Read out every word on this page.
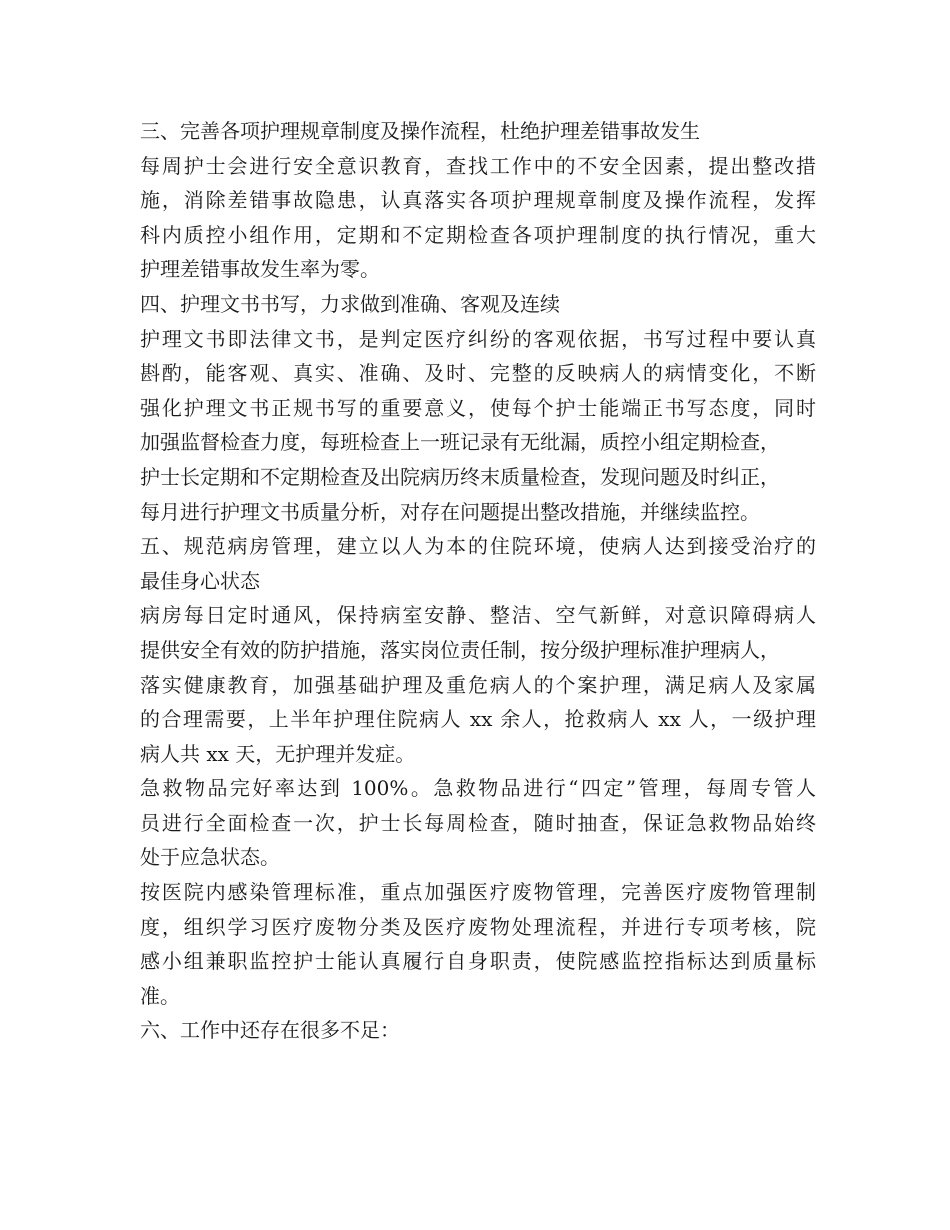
三、完善各项护理规章制度及操作流程，杜绝护理差错事故发生
每周护士会进行安全意识教育，查找工作中的不安全因素，提出整改措
施，消除差错事故隐患，认真落实各项护理规章制度及操作流程，发挥
科内质控小组作用，定期和不定期检查各项护理制度的执行情况，重大
护理差错事故发生率为零。
四、护理文书书写，力求做到准确、客观及连续
护理文书即法律文书，是判定医疗纠纷的客观依据，书写过程中要认真
斟酌，能客观、真实、准确、及时、完整的反映病人的病情变化，不断
强化护理文书正规书写的重要意义，使每个护士能端正书写态度，同时
加强监督检查力度，每班检查上一班记录有无纰漏，质控小组定期检查，
护士长定期和不定期检查及出院病历终末质量检查，发现问题及时纠正，
每月进行护理文书质量分析，对存在问题提出整改措施，并继续监控。
五、规范病房管理，建立以人为本的住院环境，使病人达到接受治疗的
最佳身心状态
病房每日定时通风，保持病室安静、整洁、空气新鲜，对意识障碍病人
提供安全有效的防护措施，落实岗位责任制，按分级护理标准护理病人，
落实健康教育，加强基础护理及重危病人的个案护理，满足病人及家属
的合理需要，上半年护理住院病人 xx 余人，抢救病人 xx 人，一级护理
病人共 xx 天，无护理并发症。
急救物品完好率达到 100%。急救物品进行“四定”管理，每周专管人
员进行全面检查一次，护士长每周检查，随时抽查，保证急救物品始终
处于应急状态。
按医院内感染管理标准，重点加强医疗废物管理，完善医疗废物管理制
度，组织学习医疗废物分类及医疗废物处理流程，并进行专项考核，院
感小组兼职监控护士能认真履行自身职责，使院感监控指标达到质量标
准。
六、工作中还存在很多不足：
